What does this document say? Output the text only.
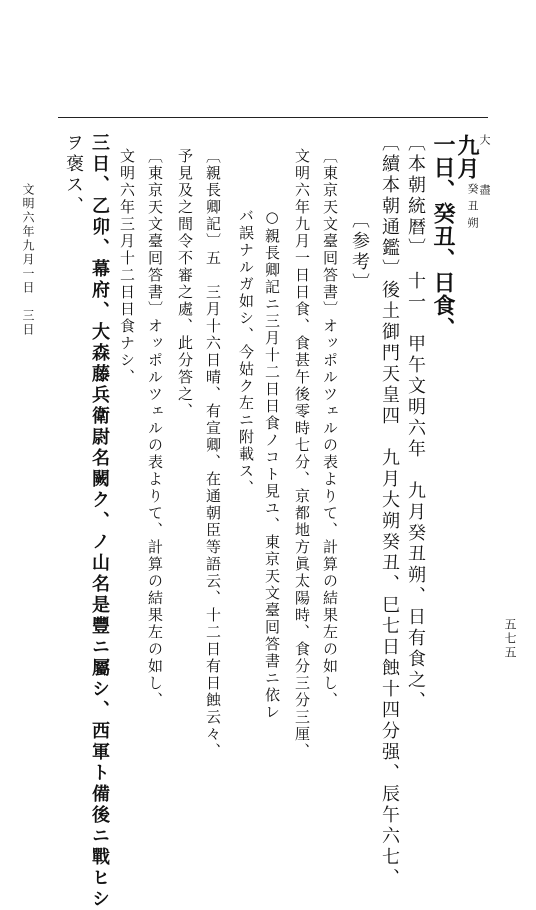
九月
大
盡
癸
丑
朔
一日、癸丑、日食、
〔本朝統暦〕　十一　甲午文明六年　九月癸丑朔、日有食之、
〔續本朝通鑑〕後土御門天皇四　九月大朔癸丑、巳七日蝕十四分强、辰午六七、
〔参考〕
〔東京天文臺囘答書〕オッポルツェルの表よりて、計算の結果左の如し、
文明六年九月一日日食、食甚午後零時七分、京都地方眞太陽時、食分三分三厘、
○親長卿記ニ三月十二日日食ノコト見ユ、東京天文臺囘答書ニ依レ
バ誤ナルガ如シ、今姑ク左ニ附載ス、
〔親長卿記〕五　三月十六日晴、有宣卿、在通朝臣等語云、十二日有日蝕云々、
予見及之間令不審之處、此分答之、
〔東京天文臺囘答書〕オッポルツェルの表よりて、計算の結果左の如し、
文明六年三月十二日日食ナシ、
三日、乙卯、幕府、大森藤兵衛尉名闕ク、ノ山名是豐ニ屬シ、西軍ト備後ニ戰ヒシ
ヲ褒ス、
文明六年九月一日　三日
五七五
